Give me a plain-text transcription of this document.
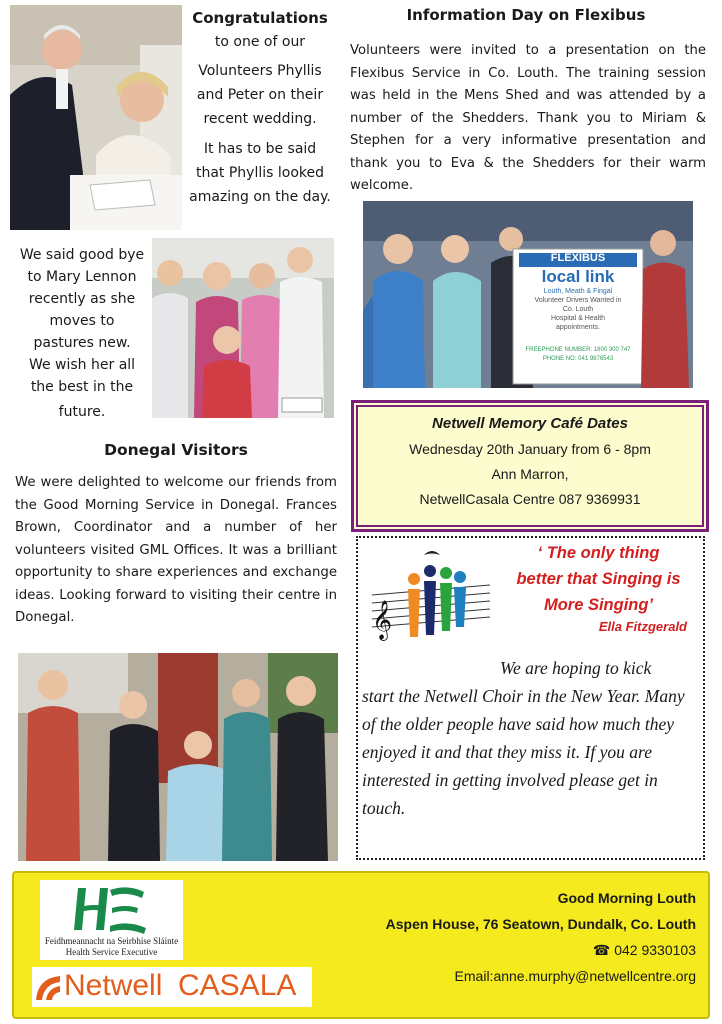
Congratulations
to one of our
Volunteers Phyllis
and Peter on their
recent wedding.
It has to be said
that Phyllis looked
amazing on the day.
Information Day on Flexibus
Volunteers were invited to a presentation on the Flexibus Service in Co. Louth. The training session was held in the Mens Shed and was attended by a number of the Shedders. Thank you to Miriam & Stephen for a very informative presentation and thank you to Eva & the Shedders for their warm welcome.
FLEXIBUS
local link
Louth, Meath & Fingal
Volunteer Drivers Wanted in
Co. Louth
Hospital & Health
appointments.
FREEPHONE NUMBER: 1800 300 747
PHONE NO: 041 9876543
We said good bye
to Mary Lennon
recently as she
moves to
pastures new.
We wish her all
the best in the
future.
Donegal Visitors
We were delighted to welcome our friends from the Good Morning Service in Donegal. Frances Brown, Coordinator and a number of her volunteers visited GML Offices. It was a brilliant opportunity to share experiences and exchange ideas. Looking forward to visiting their centre in Donegal.
Netwell Memory Café Dates
Wednesday 20th January from 6 - 8pm
Ann Marron,
NetwellCasala Centre 087 9369931
𝄞
‘ The only thing
better that Singing is
More Singing’
Ella Fitzgerald
We are hoping to kick
start the Netwell Choir in the New Year. Many of the older people have said how much they enjoyed it and that they miss it. If you are interested in getting involved please get in touch.
Feidhmeannacht na Seirbhíse Sláinte
Health Service Executive
Netwell CASALA
Good Morning Louth
Aspen House, 76 Seatown, Dundalk, Co. Louth
☎ 042 9330103
Email:anne.murphy@netwellcentre.org
